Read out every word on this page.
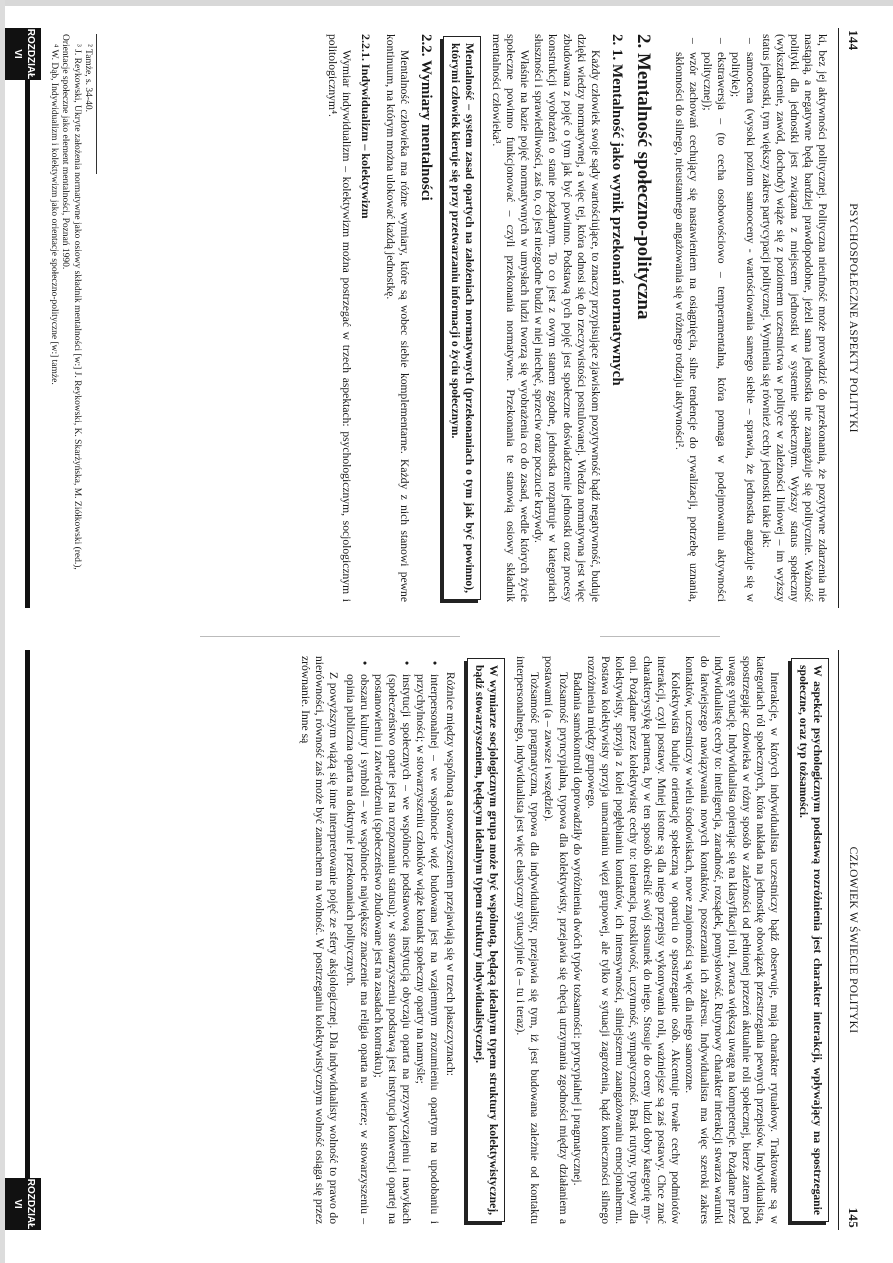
144
PSYCHOSPOŁECZNE ASPEKTY POLITYKI

ki, bez jej aktywności politycznej. Polityczna nieufność może prowadzić do przekonania, że pozytywne zdarzenia nie nastąpią, a negatywne będą bardziej prawdopodobne, jeżeli sama jednostka nie zaangażuje się politycznie. Ważność polityki dla jednostki jest związana z miejscem jednostki w systemie społecznym. Wyższy status społeczny (wykształcenie, zawód, dochody) wiąże się z poziomem uczestnictwa w polityce w zależności liniowej – im wyższy status jednostki, tym większy zakres partycypacji politycznej. Wymienia się również cechy jednostki takie jak:

– samoocena (wysoki poziom samooceny - wartościowania samego siebie – sprawia, że jednostka angażuje się w polityke);
– ekstrawersja – (to cecha osobowościowo – temperamentalna, która pomaga w podejmowaniu aktywności politycznej);
– wzór zachowań cechujący się nastawieniem na osiągnięcia, silne tendencje do rywalizacji, potrzebę uznania, skłonności do silnego, nieustannego angażowania się w różnego rodzaju aktywności².
2. Mentalność społeczno-polityczna
2. 1. Mentalność jako wynik przekonań normatywnych

Każdy człowiek swoje sądy wartościujące, to znaczy przypisujące zjawiskom pozytywność bądź negatywność, buduje dzięki wiedzy normatywnej, a więc tej, która odnosi się do rzeczywistości postulowanej. Wiedza normatywna jest więc zbudowana z pojęć o tym jak być powinno. Podstawą tych pojęć jest społeczne doświadczenie jednostki oraz procesy konstrukcji wyobrażeń o stanie pożądanym. To co jest z owym stanem zgodne, jednostka rozpatruje w kategoriach słuszności i sprawiedliwości, zaś to, co jest niezgodne budzi w niej niechęć, sprzeciw oraz poczucie krzywdy.

Właśnie na bazie pojęć normatywnych w umysłach ludzi tworzą się wyobrażenia co do zasad, wedle których życie społeczne powinno funkcjonować – czyli przekonania normatywne. Przekonania te stanowią osiowy składnik mentalności człowieka³.

Mentalność – system zasad opartych na założeniach normatywnych (przekonaniach o tym jak być powinno), którymi człowiek kieruje się przy przetwarzaniu informacji o życiu społecznym.
2.2. Wymiary mentalności

Mentalność człowieka ma różne wymiary, które są wobec siebie komplementarne. Każdy z nich stanowi pewne kontinuum, na którym można ulokować każdą jednostkę.

2.2.1. Indywidualizm – kolektywizm

Wymiar indywidualizm – kolektywizm można postrzegać w trzech aspektach: psychologicznym, socjologicznym i politologicznym⁴.

² Tamże, s. 34-40.

³ J. Reykowski, Ukryte założenia normatywne jako osiowy składnik mentalności [w:] J. Reykowski, K. Skarżyńska, M. Ziółkowski (red.), Orientacje społeczne jako element mentalności, Poznań 1990.

⁴ W. Dąb, Indywidualizm i kolektywizm jako orientacje społeczno-polityczne [w:] tamże.

ROZDZIAŁ VI
145
CZŁOWIEK W ŚWIECIE POLITYKI
W aspekcie psychologicznym podstawą rozróżnienia jest charakter interakcji, wpływający na spostrzeganie społeczne, oraz typ tożsamości.

Interakcje, w których indywidualista uczestniczy bądź obserwuje, mają charakter rytuałowy. Traktowane są w kategoriach ról społecznych, która nakłada na jednostkę obowiązek przestrzegania pewnych przepisów. Indywidualista, spostrzegając człowieka w różny sposób w zależności od pełnionej przezeń aktualnie roli społecznej, bierze zatem pod uwagę sytuację. Indywidualista opierając się na klasyfikacji roli, zwraca większą uwagę na kompetencje. Pożądane przez indywidualistę cechy to: inteligencja, zaradność, rozsądek, pomysłowość. Rutynowy charakter interakcji stwarza warunki do łatwiejszego nawiązywania nowych kontaktów, poszerzania ich zakresu. Indywidualista ma więc szeroki zakres kontaktów, uczestniczy w wielu środowiskach, nowe znajomości są więc dla niego sanorozne.

Kolektywista buduje orientację społeczną w oparciu o spostrzeganie osób. Akcentuje trwałe cechy podmiotów interakcji, czyli postawy. Mniej istotne są dla niego przepisy wykonywania roli, ważniejsze są zaś postawy. Chce znać charakterystykę partnera, by w ten sposób określić swój stosunek do niego. Stosuje do oceny ludzi dobry kategorię my-oni. Pożądane przez kolektywistę cechy to: tolerancja, troskliwość, uczynność, sympatyczność. Brak rutyny, typowy dla kolektywisty, sprzyja z kolei pogłębianiu kontaktów, ich intensywności, silniejszemu zaangażowaniu emocjonalnemu. Postawa kolektywisty sprzyja umacnianiu więzi grupowej, ale tylko w sytuacji zagrożenia, bądź konieczności silnego rozróżnienia między grupowego.

Badania samokontroli doprowadziły do wyróżnienia dwóch typów tożsamości: pryncypialnej i pragmatycznej.

Tożsamość pryncypialna, typowa dla kolektywisty, przejawia się chęcią utrzymania zgodności między działaniem a postawami (a – zawsze i wszędzie).

Tożsamość pragmatyczna, typowa dla indywidualisty, przejawia się tym, iż jest budowana zależnie od kontaktu interpersonalnego, indywidualista jest więc elastyczny sytuacyjnie (a – tu i teraz).

W wymiarze socjologicznym grupa może być wspólnotą, będącą idealnym typem struktury kolektywistycznej, bądź stowarzyszeniem, będącym idealnym typem struktury indywidualistycznej.

Różnice między wspólnotą a stowarzyszeniem przejawiają się w trzech płaszczyznach:

• interpersonalnej – we wspólnocie więź budowana jest na wzajemnym zrozumieniu opartym na upodobaniu i przychylności; w stowarzyszeniu członków wiąże kontakt społeczny oparty na namyśle;
• instytucji społecznych – we wspólnocie podstawową instytucją obyczaju oparta na przyzwyczajeniu i nawykach (społeczeństwo oparte jest na rozpoznaniu statusu); w stowarzyszeniu podstawą jest instytucja konwencji opartej na postanowieniu i zatwierdzeniu (społeczeństwo zbudowane jest na zasadach kontraktu);
• obszaru kultury i symboli – we wspólnocie największe znaczenie ma religia oparta na wierze; w stowarzyszeniu – opinia publiczna oparta na doktrynie i przekonaniach politycznych.

Z powyższym wiążą się inne interpretowanie pojęć ze sfery aksjologicznej. Dla indywidualisty wolność to prawo do nierówności, równość zaś może być zamachem na wolność. W postrzeganiu kolektywistycznym wolność osiąga się przez zrównanie. Inne są

ROZDZIAŁ VI
